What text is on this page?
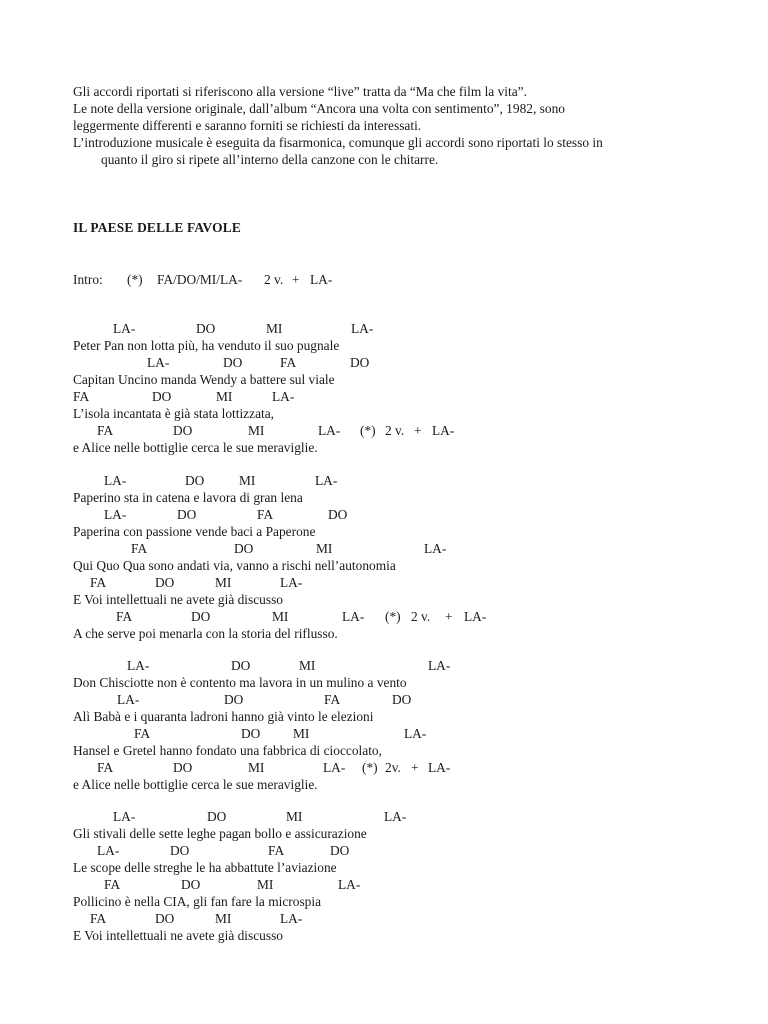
Gli accordi riportati si riferiscono alla versione “live” tratta da “Ma che film la vita”.
Le note della versione originale, dall’album “Ancora una volta con sentimento”, 1982, sono
leggermente differenti e saranno forniti se richiesti da interessati.
L’introduzione musicale è eseguita da fisarmonica, comunque gli accordi sono riportati lo stesso in
quanto il giro si ripete all’interno della canzone con le chitarre.
IL PAESE DELLE FAVOLE
Intro: (*) FA/DO/MI/LA- 2 v. + LA-
LA-	DO	MI	LA-
Peter Pan non lotta più, ha venduto il suo pugnale
LA-	DO	FA	DO
Capitan Uncino manda Wendy a battere sul viale
FA	DO	MI	LA-
L’isola incantata è già stata lottizzata,
FA	DO	MI	LA- (*) 2 v. + LA-
e Alice nelle bottiglie cerca le sue meraviglie.
LA-	DO	MI	LA-
Paperino sta in catena e lavora di gran lena
LA-	DO	FA	DO
Paperina con passione vende baci a Paperone
FA	DO	MI	LA-
Qui Quo Qua sono andati via, vanno a rischi nell’autonomia
FA	DO	MI	LA-
E Voi intellettuali ne avete già discusso
FA	DO	MI	LA- (*) 2 v. + LA-
A che serve poi menarla con la storia del riflusso.
LA-	DO	MI	LA-
Don Chisciotte non è contento ma lavora in un mulino a vento
LA-	DO	FA	DO
Alì Babà e i quaranta ladroni hanno già vinto le elezioni
FA	DO MI	LA-
Hansel e Gretel hanno fondato una fabbrica di cioccolato,
FA	DO	MI	LA- (*) 2v. + LA-
e Alice nelle bottiglie cerca le sue meraviglie.
LA-	DO	MI	LA-
Gli stivali delle sette leghe pagan bollo e assicurazione
LA-	DO	FA	DO
Le scope delle streghe le ha abbattute l’aviazione
FA	DO	MI	LA-
Pollicino è nella CIA, gli fan fare la microspia
FA	DO	MI	LA-
E Voi intellettuali ne avete già discusso
